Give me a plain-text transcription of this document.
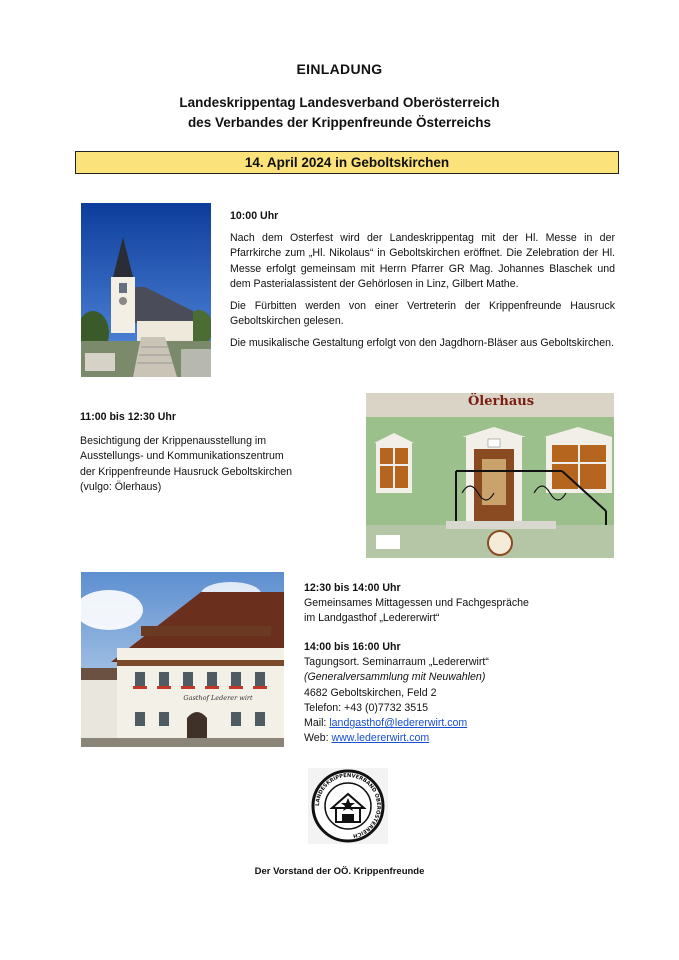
EINLADUNG
Landeskrippentag Landesverband Oberösterreich
des Verbandes der Krippenfreunde Österreichs
14. April 2024 in Geboltskirchen
10:00 Uhr
Nach dem Osterfest wird der Landeskrippentag mit der Hl. Messe in der Pfarrkirche zum „Hl. Nikolaus“ in Geboltskirchen eröffnet. Die Zelebration der Hl. Messe erfolgt gemeinsam mit Herrn Pfarrer GR Mag. Johannes Blaschek und dem Pasterialassistent der Gehörlosen in Linz, Gilbert Mathe.
Die Fürbitten werden von einer Vertreterin der Krippenfreunde Hausruck Geboltskirchen gelesen.
Die musikalische Gestaltung erfolgt von den Jagdhorn-Bläser aus Geboltskirchen.
11:00 bis 12:30 Uhr
Besichtigung der Krippenausstellung im
Ausstellungs- und Kommunikationszentrum
der Krippenfreunde Hausruck Geboltskirchen
(vulgo: Ölerhaus)
Ölerhaus
Gasthof Lederer wirt
12:30 bis 14:00 Uhr
Gemeinsames Mittagessen und Fachgespräche
im Landgasthof „Ledererwirt“
14:00 bis 16:00 Uhr
Tagungsort. Seminarraum „Ledererwirt“
(Generalversammlung mit Neuwahlen)
4682 Geboltskirchen, Feld 2
Telefon: +43 (0)7732 3515
Mail: landgasthof@ledererwirt.com
Web: www.ledererwirt.com
LANDESKRIPPENVERBAND OBERÖSTERREICH
Der Vorstand der OÖ. Krippenfreunde
